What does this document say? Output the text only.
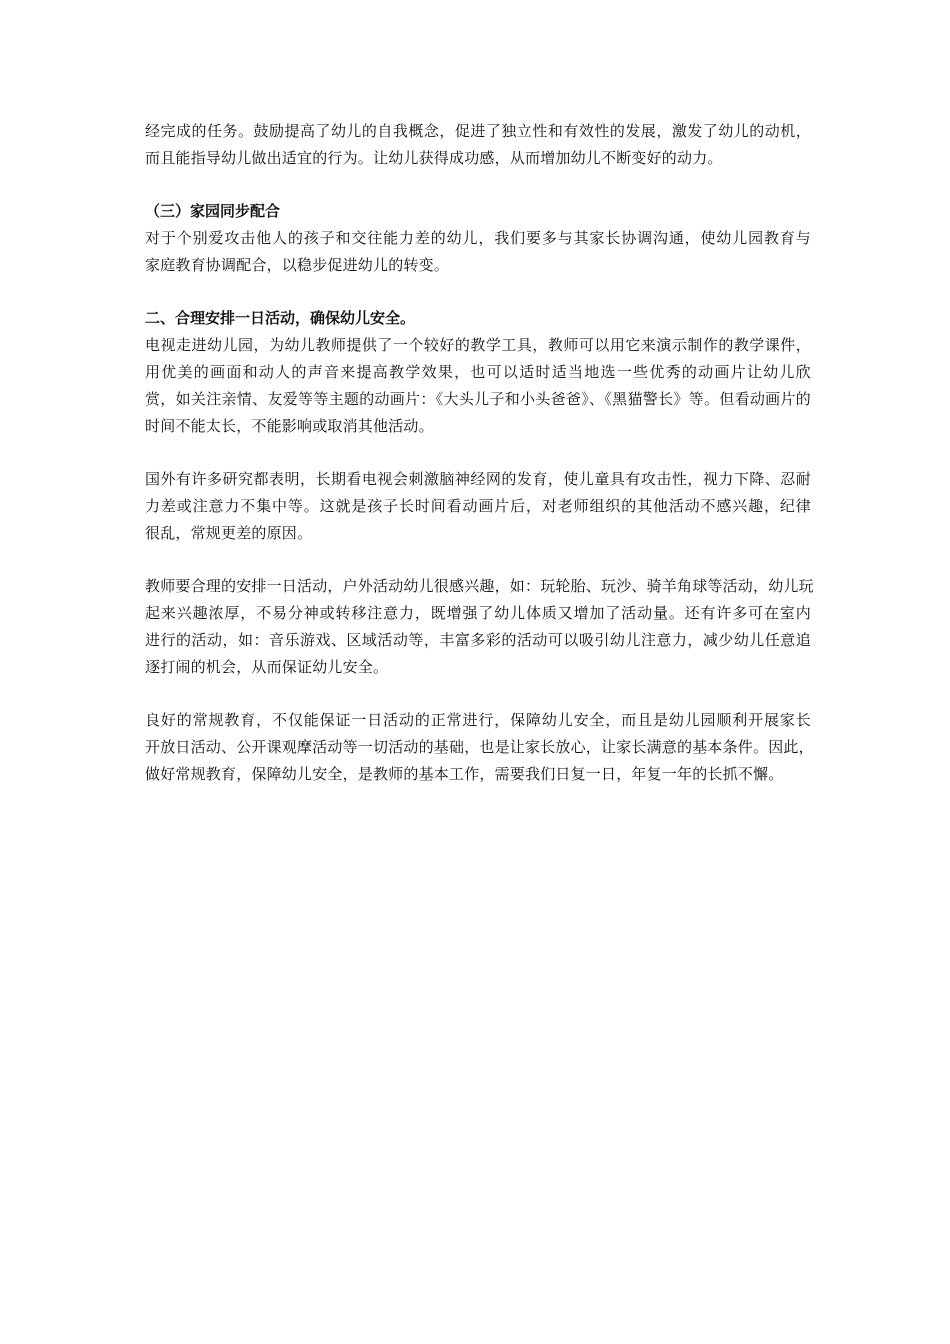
经完成的任务。鼓励提高了幼儿的自我概念，促进了独立性和有效性的发展，激发了幼儿的动机，
而且能指导幼儿做出适宜的行为。让幼儿获得成功感，从而增加幼儿不断变好的动力。
（三）家园同步配合
对于个别爱攻击他人的孩子和交往能力差的幼儿，我们要多与其家长协调沟通，使幼儿园教育与
家庭教育协调配合，以稳步促进幼儿的转变。
二、合理安排一日活动，确保幼儿安全。
电视走进幼儿园，为幼儿教师提供了一个较好的教学工具，教师可以用它来演示制作的教学课件，
用优美的画面和动人的声音来提高教学效果，也可以适时适当地选一些优秀的动画片让幼儿欣
赏，如关注亲情、友爱等等主题的动画片：《大头儿子和小头爸爸》、《黑猫警长》等。但看动画片的
时间不能太长，不能影响或取消其他活动。
国外有许多研究都表明，长期看电视会刺激脑神经网的发育，使儿童具有攻击性，视力下降、忍耐
力差或注意力不集中等。这就是孩子长时间看动画片后，对老师组织的其他活动不感兴趣，纪律
很乱，常规更差的原因。
教师要合理的安排一日活动，户外活动幼儿很感兴趣，如：玩轮胎、玩沙、骑羊角球等活动，幼儿玩
起来兴趣浓厚，不易分神或转移注意力，既增强了幼儿体质又增加了活动量。还有许多可在室内
进行的活动，如：音乐游戏、区域活动等，丰富多彩的活动可以吸引幼儿注意力，减少幼儿任意追
逐打闹的机会，从而保证幼儿安全。
良好的常规教育，不仅能保证一日活动的正常进行，保障幼儿安全，而且是幼儿园顺利开展家长
开放日活动、公开课观摩活动等一切活动的基础，也是让家长放心，让家长满意的基本条件。因此，
做好常规教育，保障幼儿安全，是教师的基本工作，需要我们日复一日，年复一年的长抓不懈。
